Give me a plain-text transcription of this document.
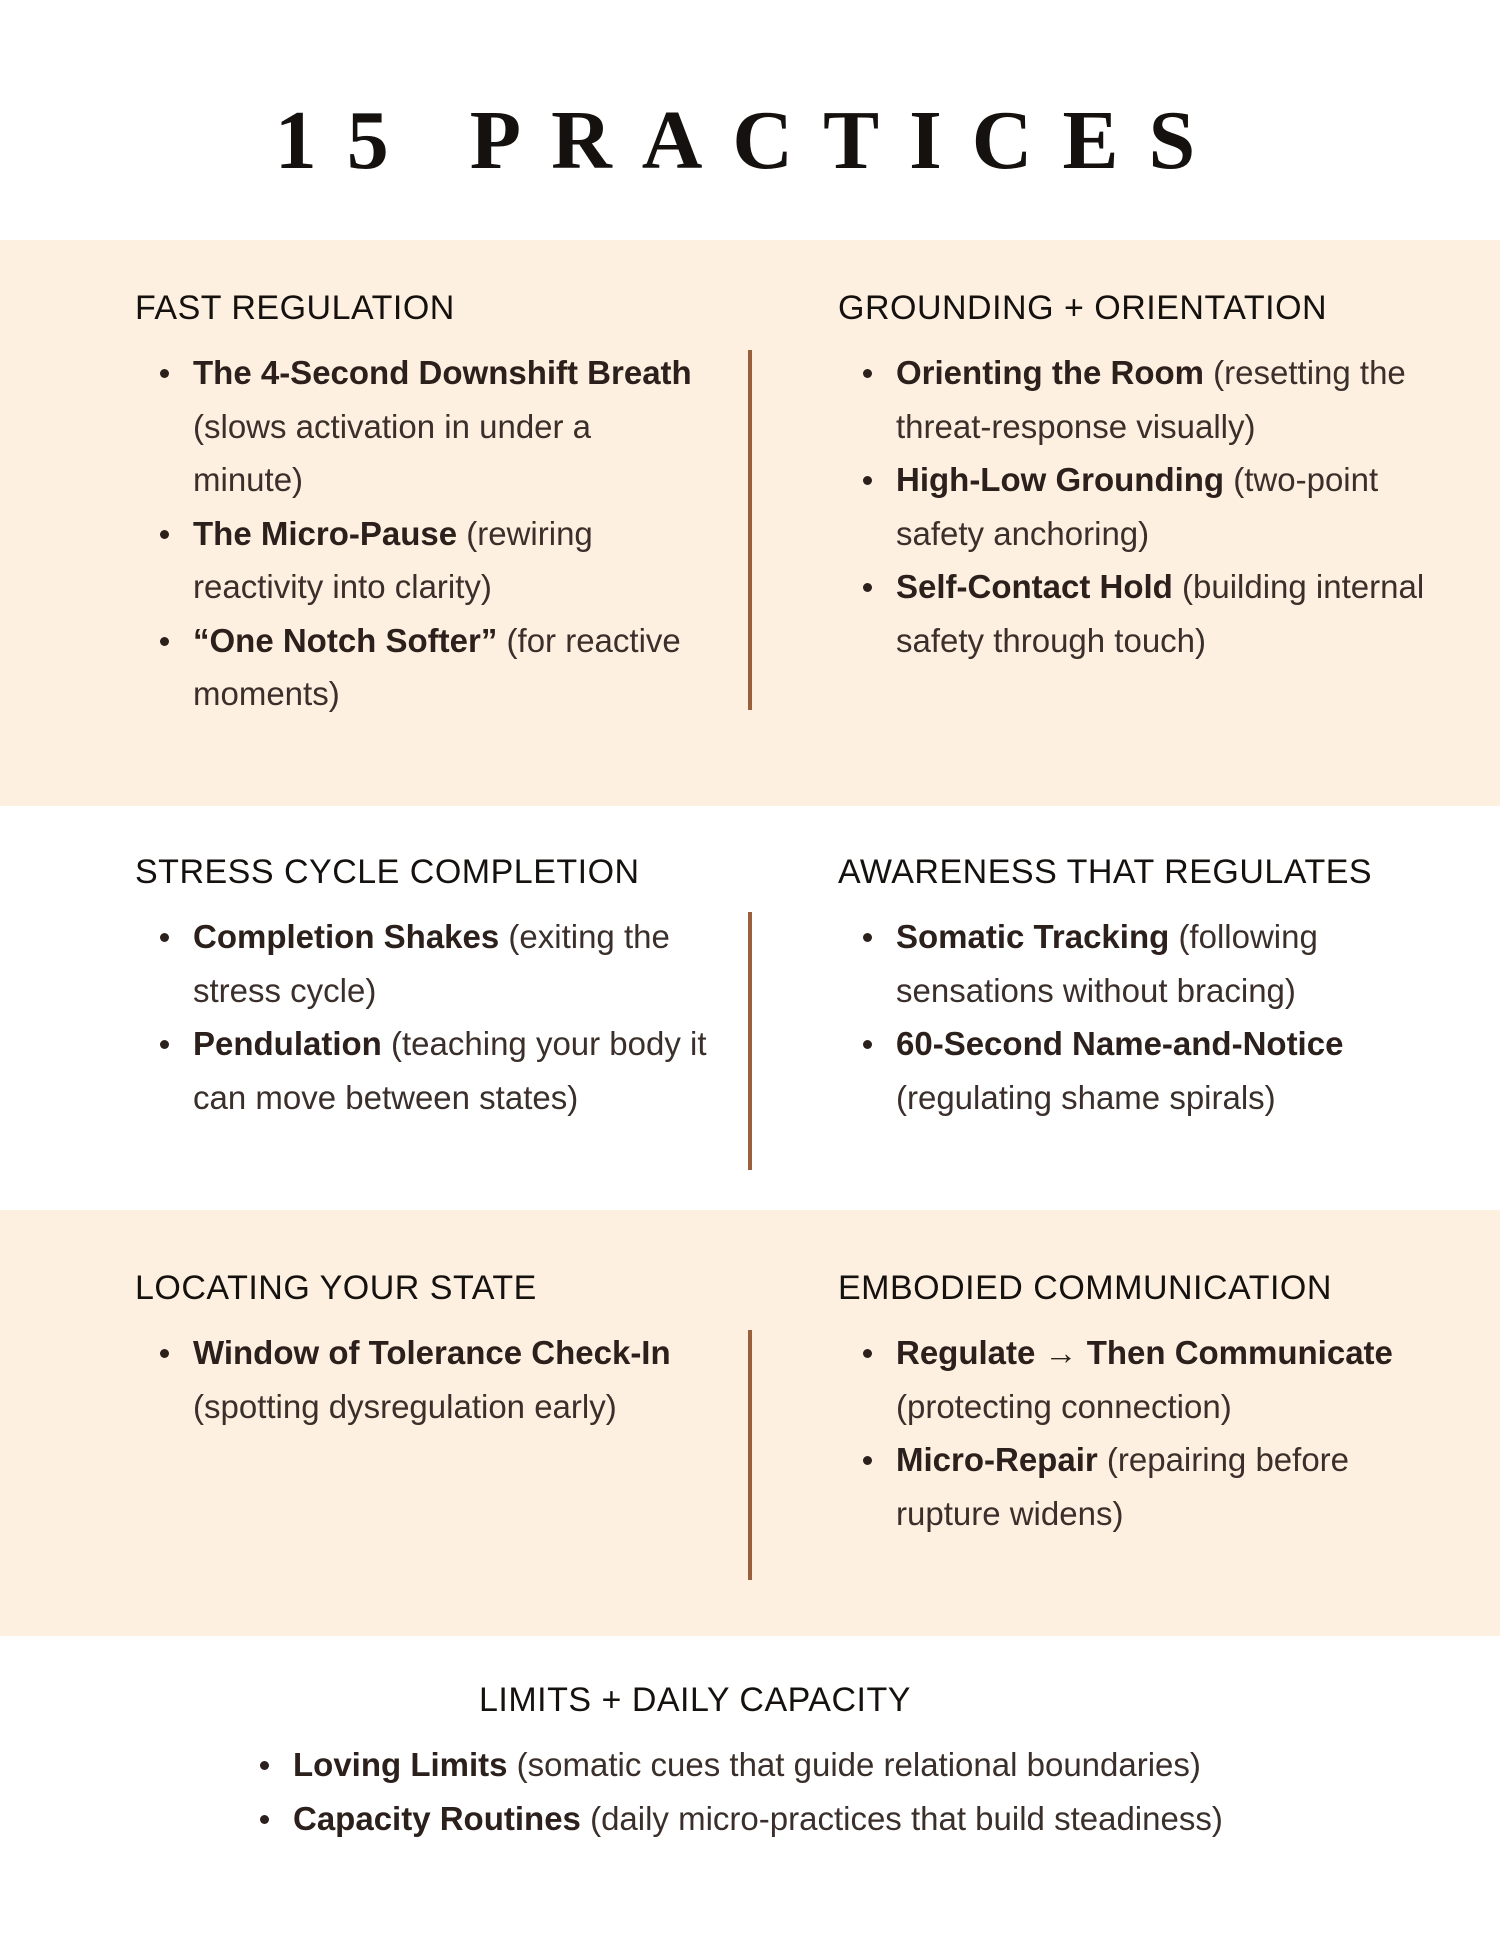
15 PRACTICES
FAST REGULATION
The 4-Second Downshift Breath (slows activation in under a minute)
The Micro-Pause (rewiring reactivity into clarity)
“One Notch Softer” (for reactive moments)
GROUNDING + ORIENTATION
Orienting the Room (resetting the threat-response visually)
High-Low Grounding (two-point safety anchoring)
Self-Contact Hold (building internal safety through touch)
STRESS CYCLE COMPLETION
Completion Shakes (exiting the stress cycle)
Pendulation (teaching your body it can move between states)
AWARENESS THAT REGULATES
Somatic Tracking (following sensations without bracing)
60-Second Name-and-Notice (regulating shame spirals)
LOCATING YOUR STATE
Window of Tolerance Check-In (spotting dysregulation early)
EMBODIED COMMUNICATION
Regulate → Then Communicate (protecting connection)
Micro-Repair (repairing before rupture widens)
LIMITS + DAILY CAPACITY
Loving Limits (somatic cues that guide relational boundaries)
Capacity Routines (daily micro-practices that build steadiness)
